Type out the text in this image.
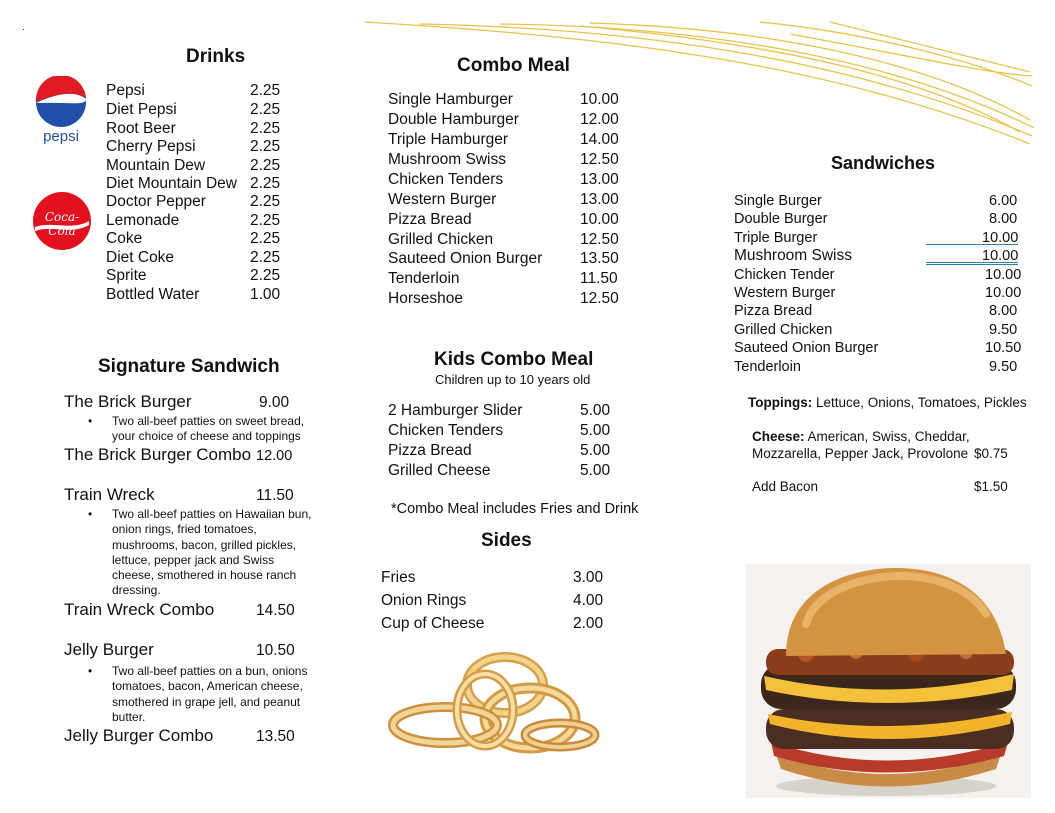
.
Drinks
pepsi
Coca-Cola
Pepsi	2.25
Diet Pepsi	2.25
Root Beer	2.25
Cherry Pepsi	2.25
Mountain Dew	2.25
Diet Mountain Dew 2.25
Doctor Pepper	2.25
Lemonade	2.25
Coke	2.25
Diet Coke	2.25
Sprite	2.25
Bottled Water	1.00
Signature Sandwich
The Brick Burger	9.00
• Two all-beef patties on sweet bread, your choice of cheese and toppings
The Brick Burger Combo 12.00
Train Wreck	11.50
• Two all-beef patties on Hawaiian bun, onion rings, fried tomatoes, mushrooms, bacon, grilled pickles, lettuce, pepper jack and Swiss cheese, smothered in house ranch dressing.
Train Wreck Combo	14.50
Jelly Burger	10.50
• Two all-beef patties on a bun, onions tomatoes, bacon, American cheese, smothered in grape jell, and peanut butter.
Jelly Burger Combo	13.50
Combo Meal
Single Hamburger	10.00
Double Hamburger	12.00
Triple Hamburger	14.00
Mushroom Swiss	12.50
Chicken Tenders	13.00
Western Burger	13.00
Pizza Bread	10.00
Grilled Chicken	12.50
Sauteed Onion Burger 13.50
Tenderloin	11.50
Horseshoe	12.50
Kids Combo Meal
Children up to 10 years old
2 Hamburger Slider	5.00
Chicken Tenders	5.00
Pizza Bread	5.00
Grilled Cheese	5.00
*Combo Meal includes Fries and Drink
Sides
Fries	3.00
Onion Rings	4.00
Cup of Cheese	2.00
Sandwiches
Single Burger	6.00
Double Burger	8.00
Triple Burger	10.00
Mushroom Swiss	10.00
Chicken Tender	10.00
Western Burger	10.00
Pizza Bread	8.00
Grilled Chicken	9.50
Sauteed Onion Burger	10.50
Tenderloin	9.50
Toppings: Lettuce, Onions, Tomatoes, Pickles
Cheese: American, Swiss, Cheddar,
Mozzarella, Pepper Jack, Provolone $0.75
Add Bacon	$1.50
